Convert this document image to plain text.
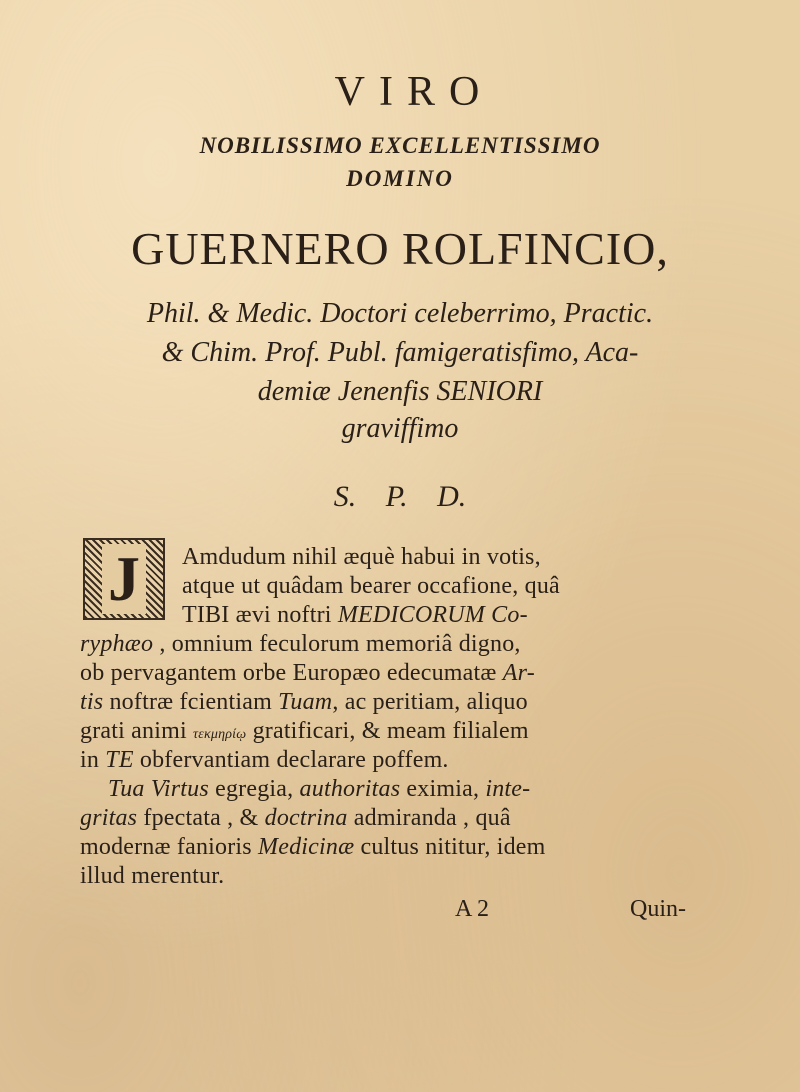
VIRO
NOBILISSIMO EXCELLENTISSIMO
DOMINO
GUERNERO ROLFINCIO,
Phil. & Medic. Doctori celeberrimo, Practic.
& Chim. Prof. Publ. famigeratisfimo, Aca-
demiæ Jenenfis SENIORI
graviffimo
S. P. D.
J Amdudum nihil æquè habui in votis,
atque ut quâdam bearer occafione, quâ
TIBI ævi noftri MEDICORUM Co-
ryphæo , omnium feculorum memoriâ digno,
ob pervagantem orbe Europæo edecumatæ Ar-
tis noftræ fcientiam Tuam, ac peritiam, aliquo
grati animi τεκμηρίῳ gratificari, & meam filialem
in TE obfervantiam declarare poffem.
Tua Virtus egregia, authoritas eximia, inte-
gritas fpectata , & doctrina admiranda , quâ
modernæ fanioris Medicinæ cultus nititur, idem
illud merentur.
A 2	Quin-
